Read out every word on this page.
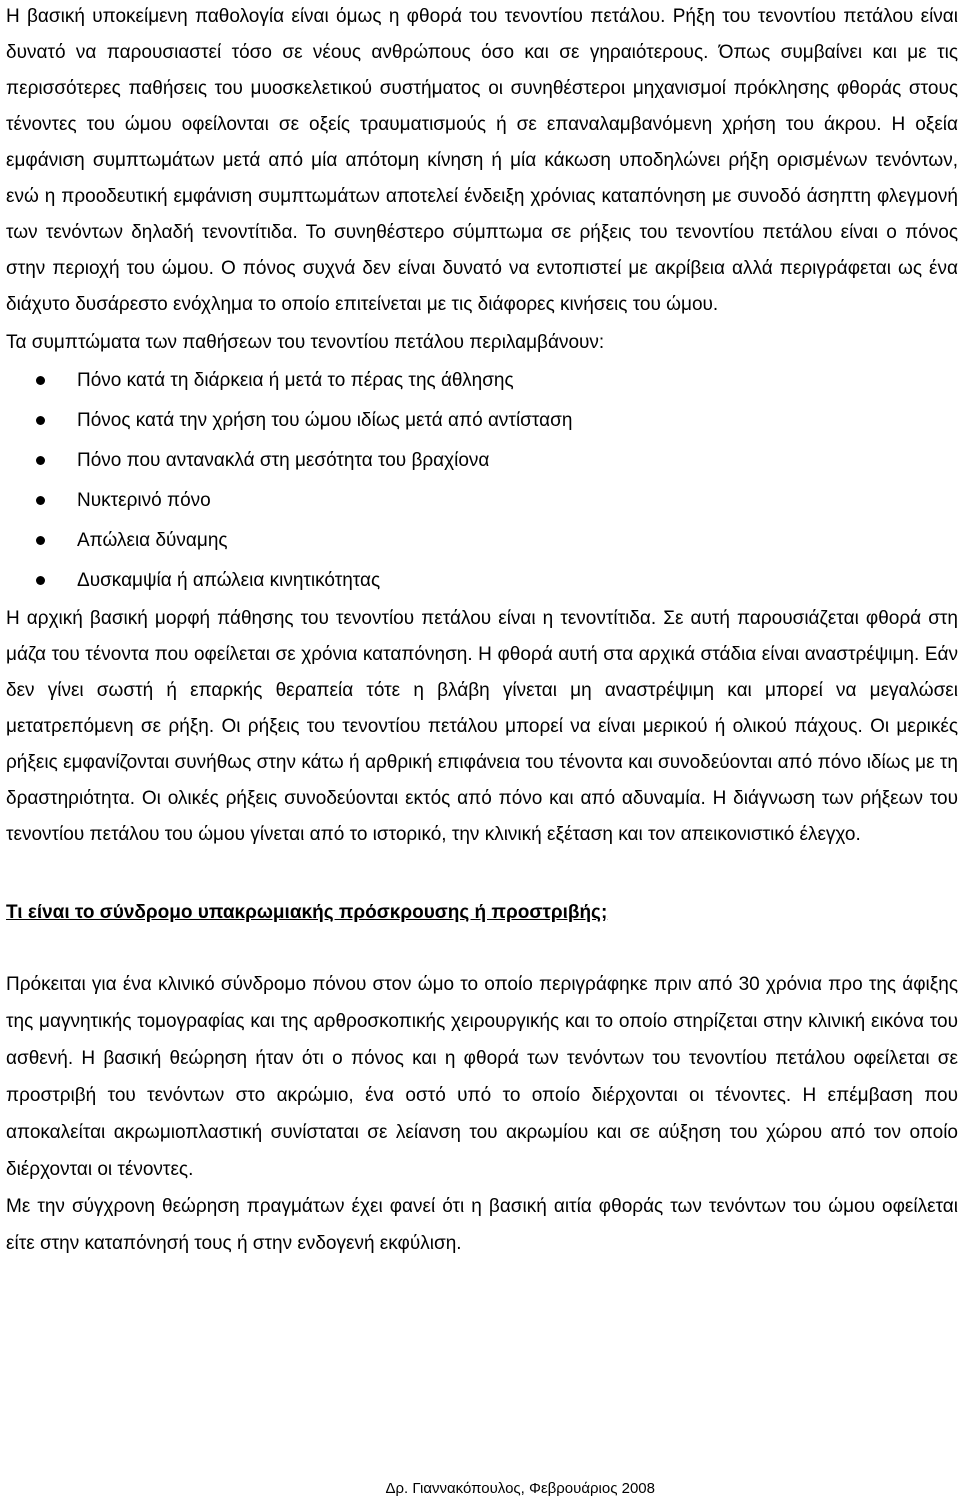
Η βασική υποκείμενη παθολογία είναι όμως η φθορά του τενοντίου πετάλου. Ρήξη του τενοντίου πετάλου είναι δυνατό να παρουσιαστεί τόσο σε νέους ανθρώπους όσο και σε γηραιότερους. Όπως συμβαίνει και με τις περισσότερες παθήσεις του μυοσκελετικού συστήματος οι συνηθέστεροι μηχανισμοί πρόκλησης φθοράς στους τένοντες του ώμου οφείλονται σε οξείς τραυματισμούς ή σε επαναλαμβανόμενη χρήση του άκρου. Η οξεία εμφάνιση συμπτωμάτων μετά από μία απότομη κίνηση ή μία κάκωση υποδηλώνει ρήξη ορισμένων τενόντων, ενώ η προοδευτική εμφάνιση συμπτωμάτων αποτελεί ένδειξη χρόνιας καταπόνηση με συνοδό άσηπτη φλεγμονή των τενόντων δηλαδή τενοντίτιδα. Το συνηθέστερο σύμπτωμα σε ρήξεις του τενοντίου πετάλου είναι ο πόνος στην περιοχή του ώμου. Ο πόνος συχνά δεν είναι δυνατό να εντοπιστεί με ακρίβεια αλλά περιγράφεται ως ένα διάχυτο δυσάρεστο ενόχλημα το οποίο επιτείνεται με τις διάφορες κινήσεις του ώμου.

Τα συμπτώματα των παθήσεων του τενοντίου πετάλου περιλαμβάνουν:

Πόνο κατά τη διάρκεια ή μετά το πέρας της άθλησης
Πόνος κατά την χρήση του ώμου ιδίως μετά από αντίσταση
Πόνο που αντανακλά στη μεσότητα του βραχίονα
Νυκτερινό πόνο
Απώλεια δύναμης
Δυσκαμψία ή απώλεια κινητικότητας

Η αρχική βασική μορφή πάθησης του τενοντίου πετάλου είναι η τενοντίτιδα. Σε αυτή παρουσιάζεται φθορά στη μάζα του τένοντα που οφείλεται σε χρόνια καταπόνηση. Η φθορά αυτή στα αρχικά στάδια είναι αναστρέψιμη. Εάν δεν γίνει σωστή ή επαρκής θεραπεία τότε η βλάβη γίνεται μη αναστρέψιμη και μπορεί να μεγαλώσει μετατρεπόμενη σε ρήξη. Οι ρήξεις του τενοντίου πετάλου μπορεί να είναι μερικού ή ολικού πάχους. Οι μερικές ρήξεις εμφανίζονται συνήθως στην κάτω ή αρθρική επιφάνεια του τένοντα και συνοδεύονται από πόνο ιδίως με τη δραστηριότητα. Οι ολικές ρήξεις συνοδεύονται εκτός από πόνο και από αδυναμία. Η διάγνωση των ρήξεων του τενοντίου πετάλου του ώμου γίνεται από το ιστορικό, την κλινική εξέταση και τον απεικονιστικό έλεγχο.

Τι είναι το σύνδρομο υπακρωμιακής πρόσκρουσης ή προστριβής;

Πρόκειται για ένα κλινικό σύνδρομο πόνου στον ώμο το οποίο περιγράφηκε πριν από 30 χρόνια προ της άφιξης της μαγνητικής τομογραφίας και της αρθροσκοπικής χειρουργικής και το οποίο στηρίζεται στην κλινική εικόνα του ασθενή. Η βασική θεώρηση ήταν ότι ο πόνος και η φθορά των τενόντων του τενοντίου πετάλου οφείλεται σε προστριβή του τενόντων στο ακρώμιο, ένα οστό υπό το οποίο διέρχονται οι τένοντες. Η επέμβαση που αποκαλείται ακρωμιοπλαστική συνίσταται σε λείανση του ακρωμίου και σε αύξηση του χώρου από τον οποίο διέρχονται οι τένοντες.

Με την σύγχρονη θεώρηση πραγμάτων έχει φανεί ότι η βασική αιτία φθοράς των τενόντων του ώμου οφείλεται είτε στην καταπόνησή τους ή στην ενδογενή εκφύλιση.

Δρ. Γιαννακόπουλος, Φεβρουάριος 2008
